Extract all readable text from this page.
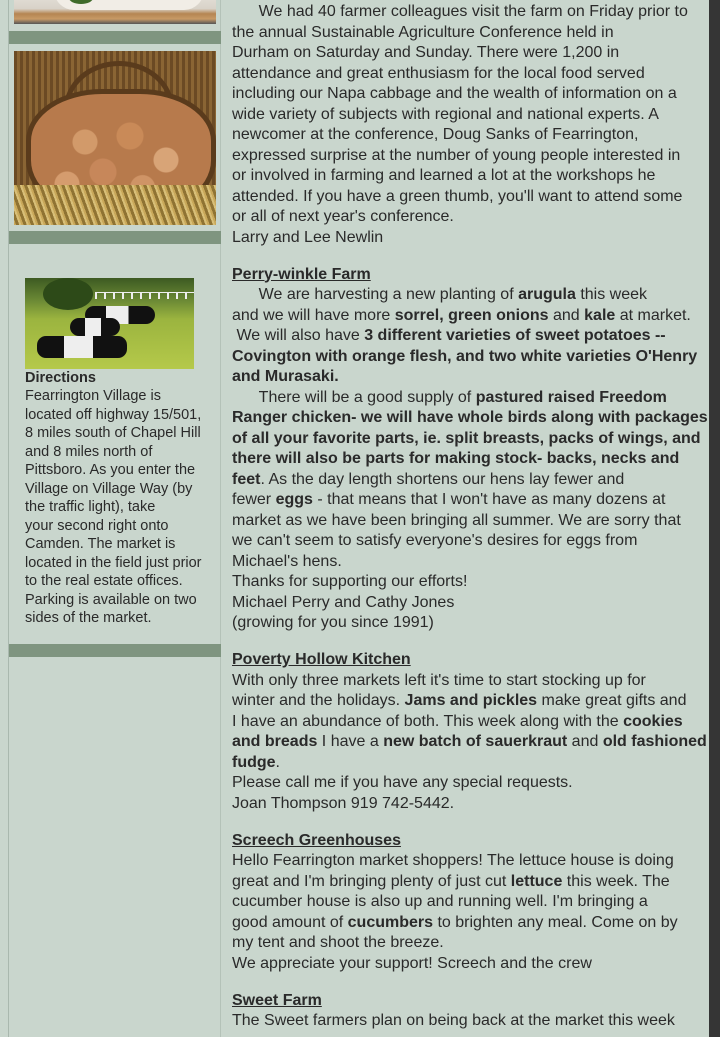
Directions
Fearrington Village is
located off highway 15/501,
8 miles south of Chapel Hill
and 8 miles north of
Pittsboro. As you enter the
Village on Village Way (by
the traffic light), take
your second right onto
Camden. The market is
located in the field just prior
to the real estate offices.
Parking is available on two
sides of the market.
We had 40 farmer colleagues visit the farm on Friday prior to
the annual Sustainable Agriculture Conference held in
Durham on Saturday and Sunday. There were 1,200 in
attendance and great enthusiasm for the local food served
including our Napa cabbage and the wealth of information on a
wide variety of subjects with regional and national experts. A
newcomer at the conference, Doug Sanks of Fearrington,
expressed surprise at the number of young people interested in
or involved in farming and learned a lot at the workshops he
attended. If you have a green thumb, you'll want to attend some
or all of next year's conference.
Larry and Lee Newlin
Perry-winkle Farm
We are harvesting a new planting of arugula this week
and we will have more sorrel, green onions and kale at market.
We will also have 3 different varieties of sweet potatoes --
Covington with orange flesh, and two white varieties O'Henry
and Murasaki.
There will be a good supply of pastured raised Freedom
Ranger chicken- we will have whole birds along with packages
of all your favorite parts, ie. split breasts, packs of wings, and
there will also be parts for making stock- backs, necks and
feet. As the day length shortens our hens lay fewer and
fewer eggs - that means that I won't have as many dozens at
market as we have been bringing all summer. We are sorry that
we can't seem to satisfy everyone's desires for eggs from
Michael's hens.
Thanks for supporting our efforts!
Michael Perry and Cathy Jones
(growing for you since 1991)
Poverty Hollow Kitchen
With only three markets left it's time to start stocking up for
winter and the holidays. Jams and pickles make great gifts and
I have an abundance of both. This week along with the cookies
and breads I have a new batch of sauerkraut and old fashioned
fudge.
Please call me if you have any special requests.
Joan Thompson 919 742-5442.
Screech Greenhouses
Hello Fearrington market shoppers! The lettuce house is doing
great and I'm bringing plenty of just cut lettuce this week. The
cucumber house is also up and running well. I'm bringing a
good amount of cucumbers to brighten any meal. Come on by
my tent and shoot the breeze.
We appreciate your support! Screech and the crew
Sweet Farm
The Sweet farmers plan on being back at the market this week
